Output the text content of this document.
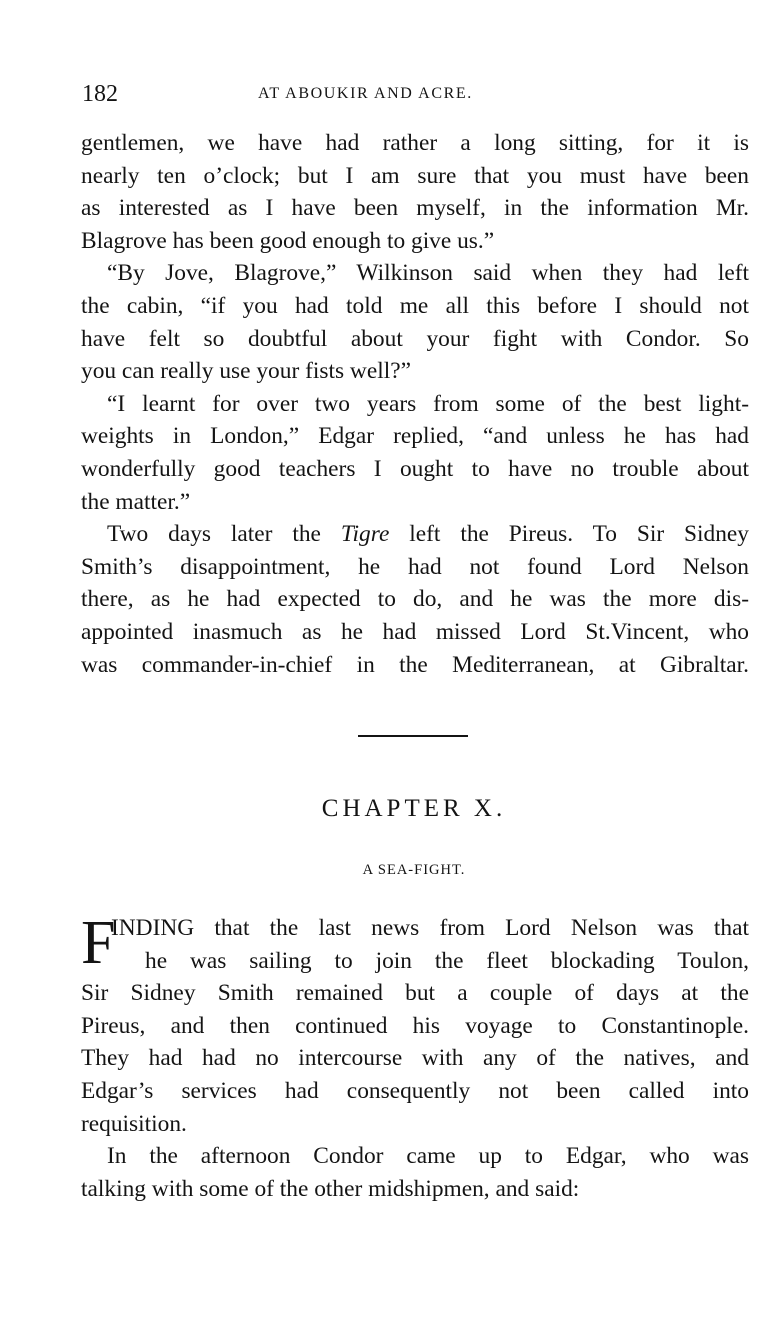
182	AT ABOUKIR AND ACRE.
gentlemen, we have had rather a long sitting, for it is
nearly ten o’clock; but I am sure that you must have been
as interested as I have been myself, in the information Mr.
Blagrove has been good enough to give us.”
“By Jove, Blagrove,” Wilkinson said when they had left
the cabin, “if you had told me all this before I should not
have felt so doubtful about your fight with Condor. So
you can really use your fists well?”
“I learnt for over two years from some of the best light-
weights in London,” Edgar replied, “and unless he has had
wonderfully good teachers I ought to have no trouble about
the matter.”
Two days later the Tigre left the Pireus. To Sir Sidney
Smith’s disappointment, he had not found Lord Nelson
there, as he had expected to do, and he was the more dis-
appointed inasmuch as he had missed Lord St.Vincent, who
was commander-in-chief in the Mediterranean, at Gibraltar.
CHAPTER X.
A SEA-FIGHT.
F
INDING that the last news from Lord Nelson was that
he was sailing to join the fleet blockading Toulon,
Sir Sidney Smith remained but a couple of days at the
Pireus, and then continued his voyage to Constantinople.
They had had no intercourse with any of the natives, and
Edgar’s services had consequently not been called into
requisition.
In the afternoon Condor came up to Edgar, who was
talking with some of the other midshipmen, and said:
